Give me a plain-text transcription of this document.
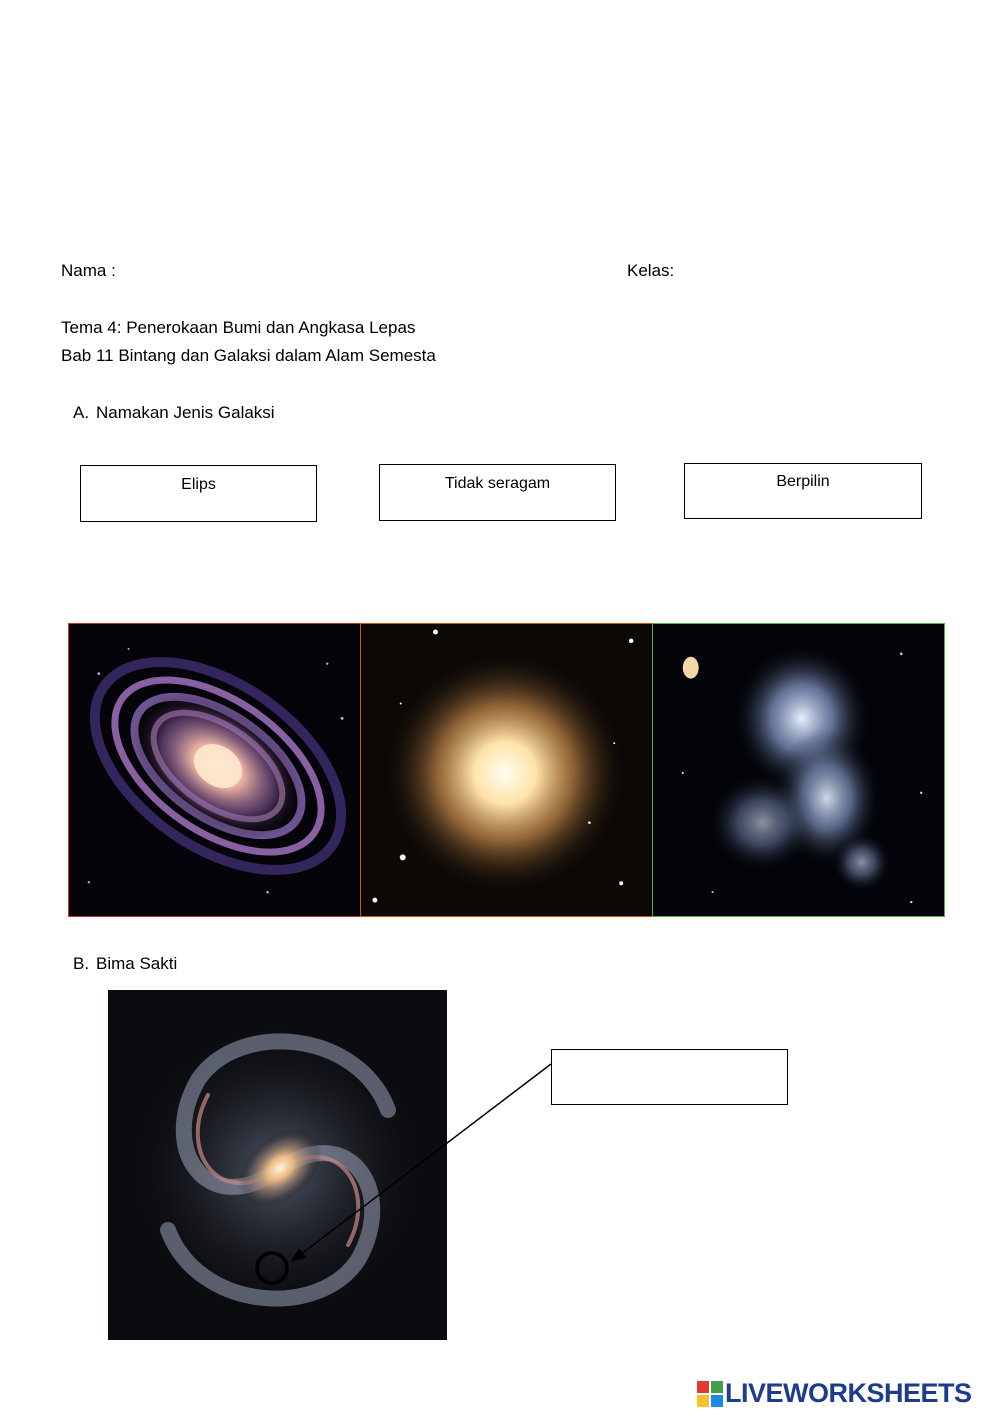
Nama :	Kelas:
Tema 4: Penerokaan Bumi dan Angkasa Lepas
Bab 11 Bintang dan Galaksi dalam Alam Semesta
A. Namakan Jenis Galaksi
Elips	Tidak seragam	Berpilin
B. Bima Sakti
LIVEWORKSHEETS
